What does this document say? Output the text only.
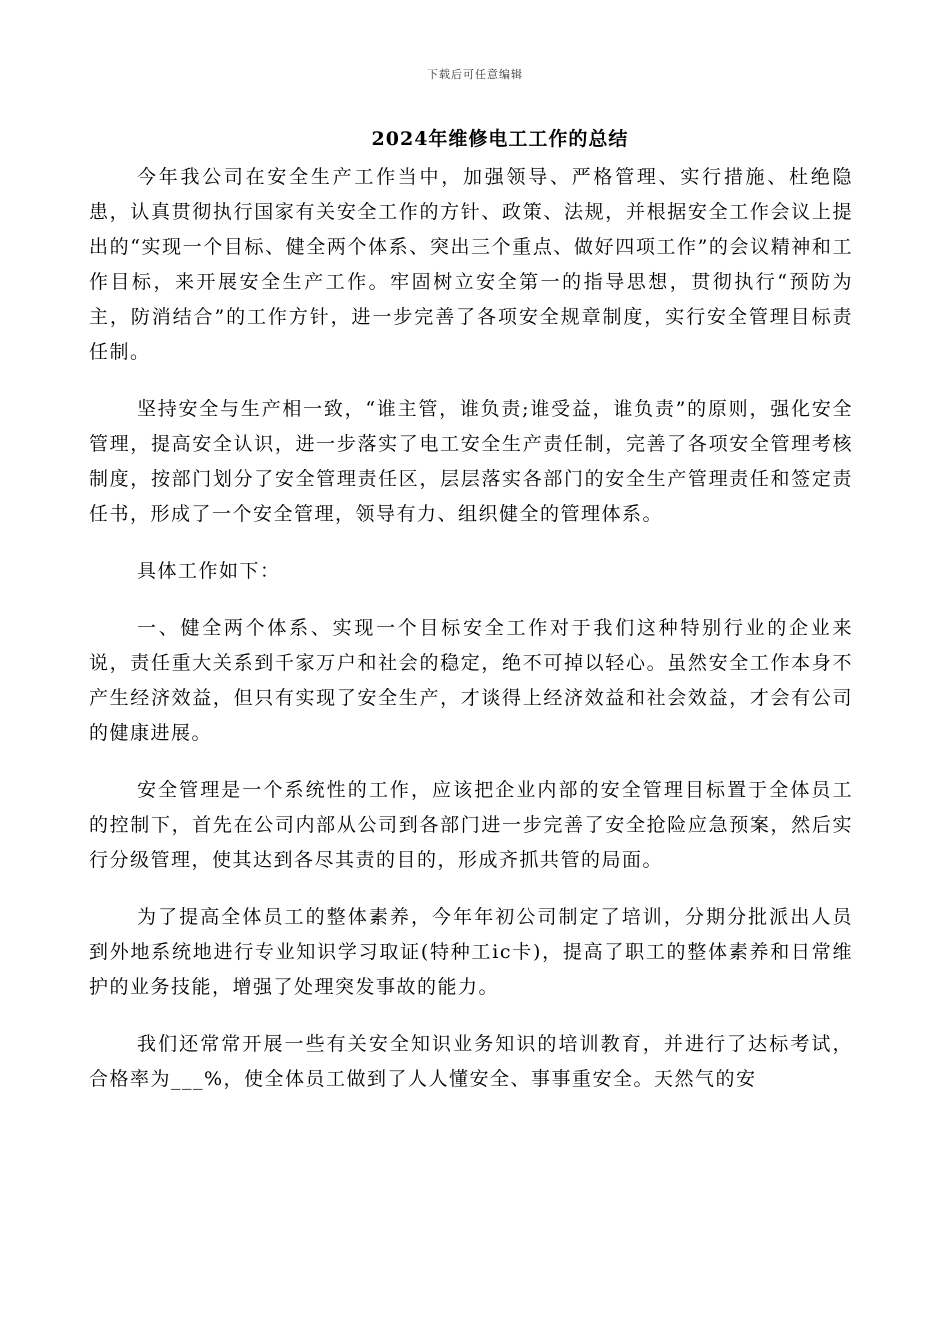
下载后可任意编辑
2024年维修电工工作的总结

今年我公司在安全生产工作当中，加强领导、严格管理、实行措施、杜绝隐患，认真贯彻执行国家有关安全工作的方针、政策、法规，并根据安全工作会议上提出的“实现一个目标、健全两个体系、突出三个重点、做好四项工作”的会议精神和工作目标，来开展安全生产工作。牢固树立安全第一的指导思想，贯彻执行“预防为主，防消结合”的工作方针，进一步完善了各项安全规章制度，实行安全管理目标责任制。

坚持安全与生产相一致，“谁主管，谁负责;谁受益，谁负责”的原则，强化安全管理，提高安全认识，进一步落实了电工安全生产责任制，完善了各项安全管理考核制度，按部门划分了安全管理责任区，层层落实各部门的安全生产管理责任和签定责任书，形成了一个安全管理，领导有力、组织健全的管理体系。

具体工作如下：

一、健全两个体系、实现一个目标安全工作对于我们这种特别行业的企业来说，责任重大关系到千家万户和社会的稳定，绝不可掉以轻心。虽然安全工作本身不产生经济效益，但只有实现了安全生产，才谈得上经济效益和社会效益，才会有公司的健康进展。

安全管理是一个系统性的工作，应该把企业内部的安全管理目标置于全体员工的控制下，首先在公司内部从公司到各部门进一步完善了安全抢险应急预案，然后实行分级管理，使其达到各尽其责的目的，形成齐抓共管的局面。

为了提高全体员工的整体素养，今年年初公司制定了培训，分期分批派出人员到外地系统地进行专业知识学习取证(特种工ic卡)，提高了职工的整体素养和日常维护的业务技能，增强了处理突发事故的能力。

我们还常常开展一些有关安全知识业务知识的培训教育，并进行了达标考试，合格率为___%，使全体员工做到了人人懂安全、事事重安全。天然气的安
